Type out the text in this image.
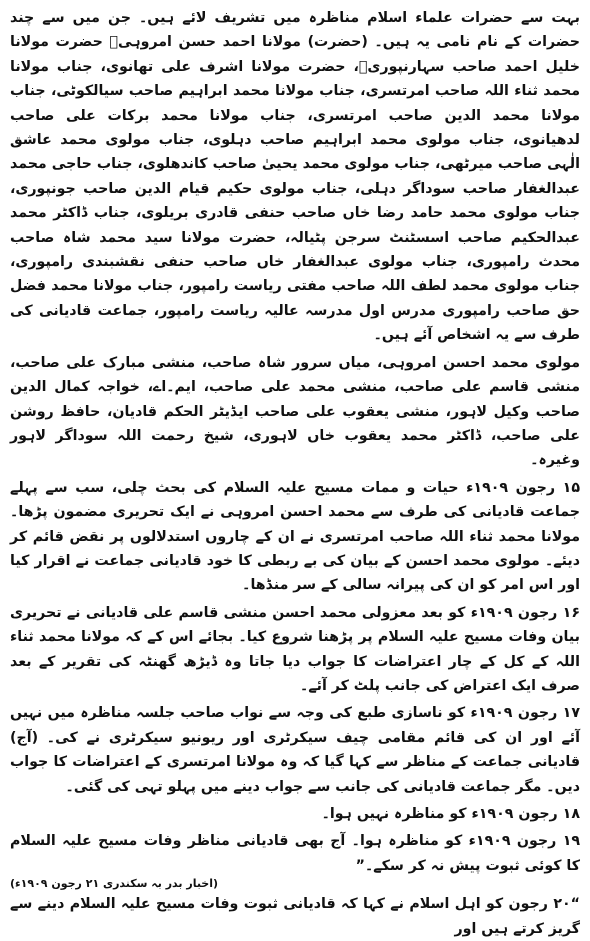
بہت سے حضرات علماء اسلام مناظرہ میں تشریف لائے ہیں۔ جن میں سے چند حضرات کے نام نامی یہ ہیں۔ (حضرت) مولانا احمد حسن امروہیؒ حضرت مولانا خلیل احمد صاحب سہارنپوریؒ، حضرت مولانا اشرف علی تھانوی، جناب مولانا محمد ثناء اللہ صاحب امرتسری، جناب مولانا محمد ابراہیم صاحب سیالکوٹی، جناب مولانا محمد الدین صاحب امرتسری، جناب مولانا محمد برکات علی صاحب لدھیانوی، جناب مولوی محمد ابراہیم صاحب دہلوی، جناب مولوی محمد عاشق الٰہی صاحب میرٹھی، جناب مولوی محمد یحییٰ صاحب کاندھلوی، جناب حاجی محمد عبدالغفار صاحب سوداگر دہلی، جناب مولوی حکیم قیام الدین صاحب جونپوری، جناب مولوی محمد حامد رضا خاں صاحب حنفی قادری بریلوی، جناب ڈاکٹر محمد عبدالحکیم صاحب اسسٹنٹ سرجن پٹیالہ، حضرت مولانا سید محمد شاہ صاحب محدث رامپوری، جناب مولوی عبدالغفار خاں صاحب حنفی نقشبندی رامپوری، جناب مولوی محمد لطف اللہ صاحب مفتی ریاست رامپور، جناب مولانا محمد فضل حق صاحب رامپوری مدرس اول مدرسہ عالیہ ریاست رامپور، جماعت قادیانی کی طرف سے یہ اشخاص آئے ہیں۔

مولوی محمد احسن امروہی، میاں سرور شاہ صاحب، منشی مبارک علی صاحب، منشی قاسم علی صاحب، منشی محمد علی صاحب، ایم۔اے، خواجہ کمال الدین صاحب وکیل لاہور، منشی یعقوب علی صاحب ایڈیٹر الحکم قادیان، حافظ روشن علی صاحب، ڈاکٹر محمد یعقوب خاں لاہوری، شیخ رحمت اللہ سوداگر لاہور وغیرہ۔

۱۵ رجون ۱۹۰۹ء حیات و ممات مسیح علیہ السلام کی بحث چلی، سب سے پہلے جماعت قادیانی کی طرف سے محمد احسن امروہی نے ایک تحریری مضمون پڑھا۔ مولانا محمد ثناء اللہ صاحب امرتسری نے ان کے چاروں استدلالوں پر نقض قائم کر دیئے۔ مولوی محمد احسن کے بیان کی بے ربطی کا خود قادیانی جماعت نے اقرار کیا اور اس امر کو ان کی پیرانہ سالی کے سر منڈھا۔

۱۶ رجون ۱۹۰۹ء کو بعد معزولی محمد احسن منشی قاسم علی قادیانی نے تحریری بیان وفات مسیح علیہ السلام پر پڑھنا شروع کیا۔ بجائے اس کے کہ مولانا محمد ثناء اللہ کے کل کے چار اعتراضات کا جواب دیا جاتا وہ ڈیڑھ گھنٹہ کی تقریر کے بعد صرف ایک اعتراض کی جانب پلٹ کر آئے۔

۱۷ رجون ۱۹۰۹ء کو ناسازی طبع کی وجہ سے نواب صاحب جلسہ مناظرہ میں نہیں آئے اور ان کی قائم مقامی چیف سیکرٹری اور ریونیو سیکرٹری نے کی۔ (آج) قادیانی جماعت کے مناظر سے کہا گیا کہ وہ مولانا امرتسری کے اعتراضات کا جواب دیں۔ مگر جماعت قادیانی کی جانب سے جواب دینے میں پہلو تہی کی گئی۔

۱۸ رجون ۱۹۰۹ء کو مناظرہ نہیں ہوا۔

۱۹ رجون ۱۹۰۹ء کو مناظرہ ہوا۔ آج بھی قادیانی مناظر وفات مسیح علیہ السلام کا کوئی ثبوت پیش نہ کر سکے۔”

(اخبار بدر بہ سکندری ۲۱ رجون ۱۹۰۹ء)

“۲۰ رجون کو اہل اسلام نے کہا کہ قادیانی ثبوت وفات مسیح علیہ السلام دینے سے گریز کرتے ہیں اور
